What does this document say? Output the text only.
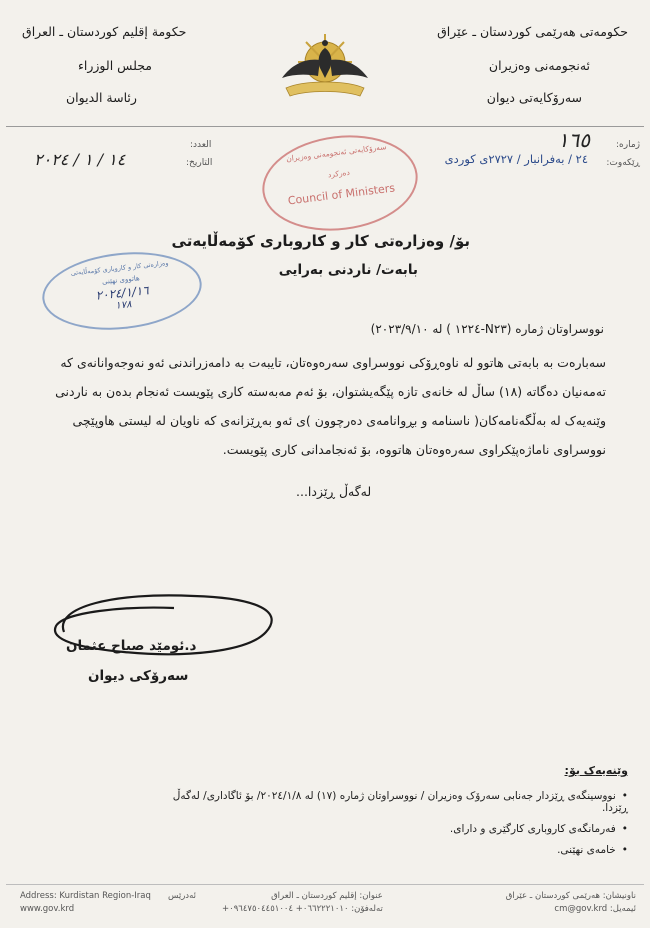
حکومەتی هەرێمی کوردستان ـ عێراق
ئەنجومەنی وەزیران
سەرۆکایەتی دیوان
حكومة إقليم كوردستان ـ العراق
مجلس الوزراء
رئاسة الديوان
ژمارە:
١٦٥
ڕێکەوت:
٢٤ / بەفرانبار / ٢٧٢٧ی کوردی
العدد:
التاريخ:
١٤ / ١ / ٢٠٢٤	سەرۆکایەتی ئەنجومەنی وەزیران
دەرکرد
Council of Ministers
وەزارەتی کار و کاروباری کۆمەڵایەتی
هاتووی نهێنی
٢٠٢٤/١/١٦
١٧٨
بۆ/ وەزارەتی کار و کاروباری کۆمەڵایەتی
بابەت/ ناردنی بەرایی
نووسراوتان ژمارە (N٢٣-١٢٢٤ ) لە ٢٠٢٣/٩/١٠)
سەبارەت بە بابەتی هاتوو لە ناوەڕۆکی نووسراوی سەرەوەتان، تایبەت بە دامەزراندنی ئەو نەوجەوانانەی کە تەمەنیان دەگاتە (١٨) ساڵ لە خانەی تازە پێگەیشتوان، بۆ ئەم مەبەستە کاری پێویست ئەنجام بدەن بە ناردنی وێنەیەک لە بەڵگەنامەکان( ناسنامە و بڕوانامەی دەرچوون )ی ئەو بەڕێزانەی کە ناویان لە لیستی هاوپێچی نووسراوی ناماژەپێکراوی سەرەوەتان هاتووە، بۆ ئەنجامدانی کاری پێویست.
لەگەڵ ڕێزدا...
د.ئومێد صباح عثمان
سەرۆکی دیوان
وێنەیەک بۆ:
• نووسینگەی ڕێزدار جەنابی سەرۆک وەزیران / نووسراوتان ژمارە (١٧) لە ٢٠٢٤/١/٨/ بۆ ئاگاداری/ لەگەڵ ڕێزدا.
• فەرمانگەی کاروباری کارگێری و دارای.
• خامەی نهێنی.
Address: Kurdistan Region-Iraq
www.gov.krd
ئەدرێس	عنوان: إقليم كوردستان ـ العراق
تەلەفۆن: ٠٦٦٢٢٢١٠١٠+ ٠٩٦٤٧٥٠٤٤٥١٠٠٤+
ناونیشان: هەرێمی کوردستان ـ عێراق
ئیمەیل: cm@gov.krd
